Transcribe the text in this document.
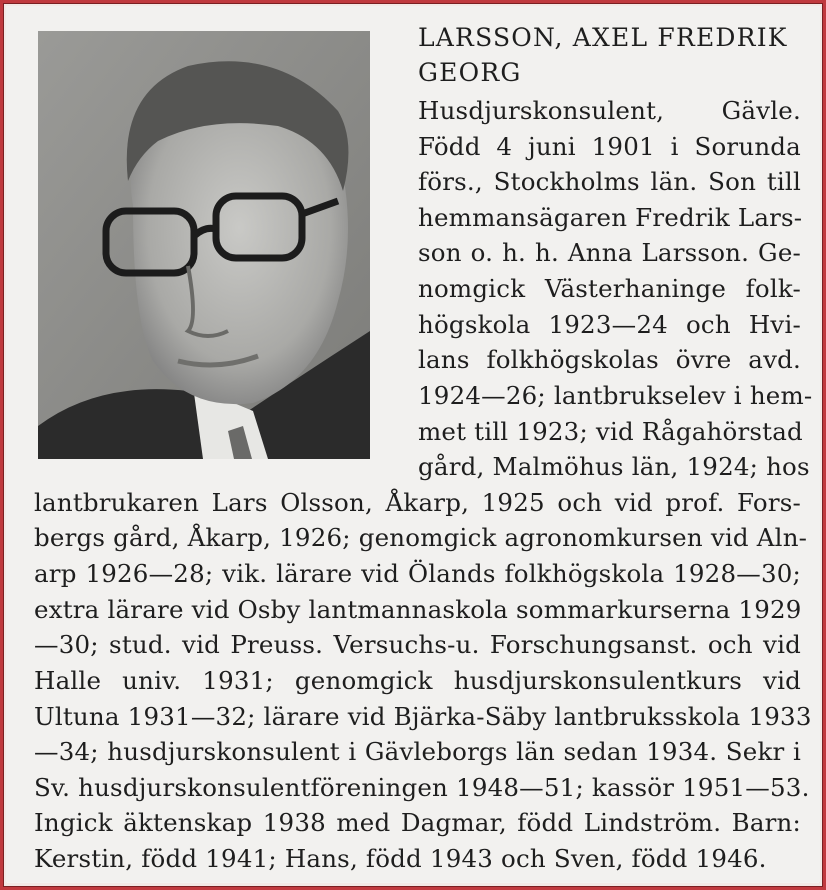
LARSSON, AXEL FREDRIK
GEORG
Husdjurskonsulent, Gävle.
Född 4 juni 1901 i Sorunda
förs., Stockholms län. Son till
hemmansägaren Fredrik Lars-
son o. h. h. Anna Larsson. Ge-
nomgick Västerhaninge folk-
högskola 1923—24 och Hvi-
lans folkhögskolas övre avd.
1924—26; lantbrukselev i hem-
met till 1923; vid Rågahörstad
gård, Malmöhus län, 1924; hos
lantbrukaren Lars Olsson, Åkarp, 1925 och vid prof. Fors-
bergs gård, Åkarp, 1926; genomgick agronomkursen vid Aln-
arp 1926—28; vik. lärare vid Ölands folkhögskola 1928—30;
extra lärare vid Osby lantmannaskola sommarkurserna 1929
—30; stud. vid Preuss. Versuchs-u. Forschungsanst. och vid
Halle univ. 1931; genomgick husdjurskonsulentkurs vid
Ultuna 1931—32; lärare vid Bjärka-Säby lantbruksskola 1933
—34; husdjurskonsulent i Gävleborgs län sedan 1934. Sekr i
Sv. husdjurskonsulentföreningen 1948—51; kassör 1951—53.
Ingick äktenskap 1938 med Dagmar, född Lindström. Barn:
Kerstin, född 1941; Hans, född 1943 och Sven, född 1946.
